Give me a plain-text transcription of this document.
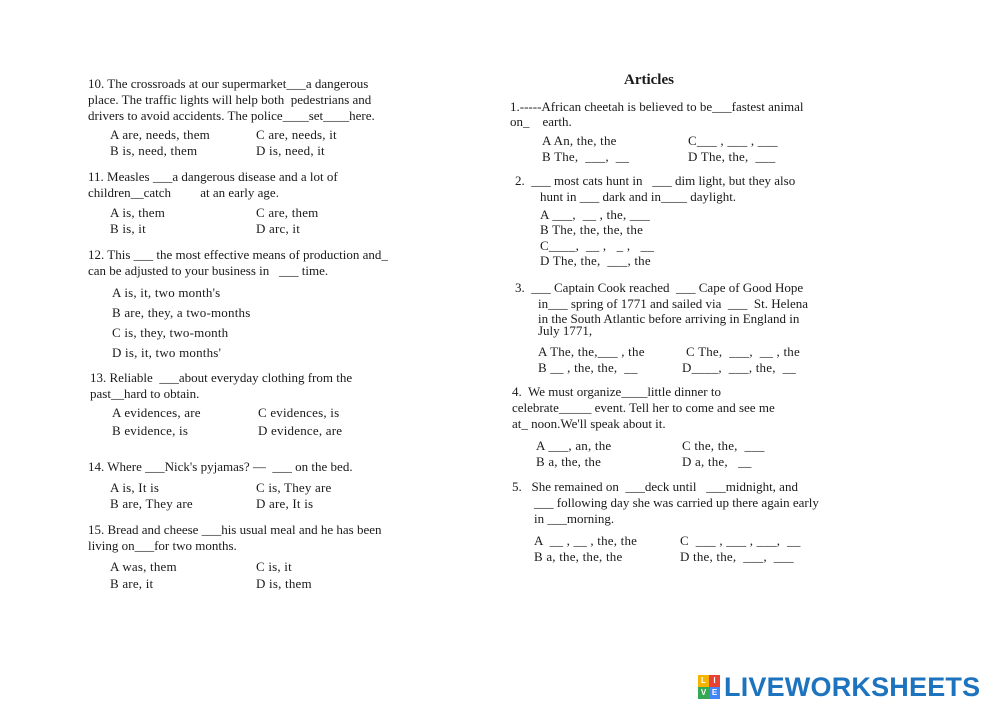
10. The crossroads at our supermarket___a dangerous
place. The traffic lights will help both  pedestrians and
drivers to avoid accidents. The police____set____here.
A are, needs, them	C are, needs, it
B is, need, them	D is, need, it
11. Measles ___a dangerous disease and a lot of
children__catch         at an early age.
A is, them	C are, them
B is, it	D arc, it
12. This ___ the most effective means of production and_
can be adjusted to your business in   ___ time.
A is, it, two month's
B are, they, a two-months
C is, they, two-month
D is, it, two months'
13. Reliable  ___about everyday clothing from the
past__hard to obtain.
A evidences, are	C evidences, is
B evidence, is	D evidence, are
14. Where ___Nick's pyjamas? —  ___ on the bed.
A is, It is	C is, They are
B are, They are	D are, It is
15. Bread and cheese ___his usual meal and he has been
living on___for two months.
A was, them	C is, it
B are, it	D is, them
Articles
1.-----African cheetah is believed to be___fastest animal
on_    earth.
A An, the, the	C___ , ___ , ___
B The,  ___,  __	D The, the,  ___
2.  ___ most cats hunt in   ___ dim light, but they also
hunt in ___ dark and in____ daylight.
A ___,  __ , the, ___
B The, the, the, the
C____,  __ ,   _ ,   __
D The, the,  ___, the
3.  ___ Captain Cook reached  ___ Cape of Good Hope
in___ spring of 1771 and sailed via  ___  St. Helena
in the South Atlantic before arriving in England in
July 1771,
A The, the,___ , the	C The,  ___,  __ , the
B __ , the, the,  __	D____,  ___, the,  __
4.  We must organize____little dinner to
celebrate_____ event. Tell her to come and see me
at_ noon.We'll speak about it.
A ___, an, the	C the, the,  ___
B a, the, the	D a, the,   __
5.   She remained on  ___deck until   ___midnight, and
___ following day she was carried up there again early
in ___morning.
A  __ , __ , the, the	C  ___ , ___ , ___,  __
B a, the, the, the	D the, the,  ___,  ___
L I
V E LIVEWORKSHEETS
